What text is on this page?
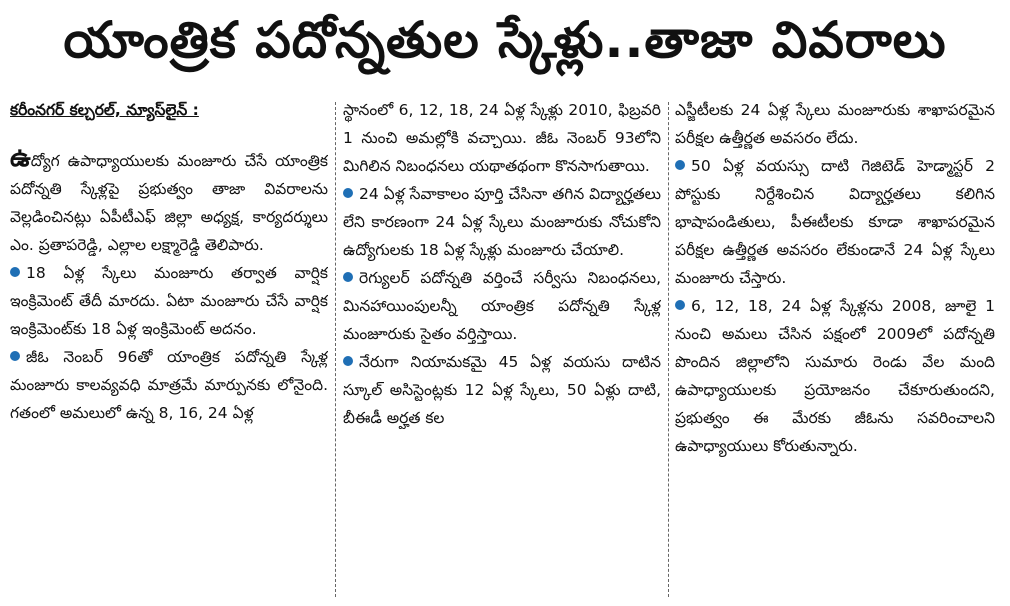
యాంత్రిక పదోన్నతుల స్కేళ్లు..తాజా వివరాలు
కరీంనగర్ కల్చరల్, న్యూస్‌లైన్ :

ఉద్యోగ ఉపాధ్యాయులకు మంజూరు చేసే యాంత్రిక పదోన్నతి స్కేళ్లపై ప్రభుత్వం తాజా వివరాలను వెల్లడించినట్లు ఏపీటీఎఫ్ జిల్లా అధ్యక్ష, కార్యదర్శులు ఎం. ప్రతాపరెడ్డి, ఎల్లాల లక్ష్మారెడ్డి తెలిపారు.

18 ఏళ్ల స్కేలు మంజూరు తర్వాత వార్షిక ఇంక్రిమెంట్ తేదీ మారదు. ఏటా మంజూరు చేసే వార్షిక ఇంక్రిమెంట్‌కు 18 ఏళ్ల ఇంక్రిమెంట్ అదనం.

జీఓ నెంబర్ 96తో యాంత్రిక పదోన్నతి స్కేళ్ల మంజూరు కాలవ్యవధి మాత్రమే మార్పునకు లోనైంది. గతంలో అమలులో ఉన్న 8, 16, 24 ఏళ్ల

స్థానంలో 6, 12, 18, 24 ఏళ్ల స్కేళ్లు 2010, ఫిబ్రవరి 1 నుంచి అమల్లోకి వచ్చాయి. జీఓ నెంబర్ 93లోని మిగిలిన నిబంధనలు యథాతథంగా కొనసాగుతాయి.

24 ఏళ్ల సేవాకాలం పూర్తి చేసినా తగిన విద్యార్హతలు లేని కారణంగా 24 ఏళ్ల స్కేలు మంజూరుకు నోచుకోని ఉద్యోగులకు 18 ఏళ్ల స్కేళ్లు మంజూరు చేయాలి.

రెగ్యులర్ పదోన్నతి వర్తించే సర్వీసు నిబంధనలు, మినహాయింపులన్నీ యాంత్రిక పదోన్నతి స్కేళ్ల మంజూరుకు సైతం వర్తిస్తాయి.

నేరుగా నియామకమై 45 ఏళ్ల వయసు దాటిన స్కూల్ అసిస్టెంట్లకు 12 ఏళ్ల స్కేలు, 50 ఏళ్లు దాటి, బీఈడీ అర్హత కల

ఎస్జీటీలకు 24 ఏళ్ల స్కేలు మంజూరుకు శాఖాపరమైన పరీక్షల ఉత్తీర్ణత అవసరం లేదు.

50 ఏళ్ల వయస్సు దాటి గెజిటెడ్ హెడ్మాస్టర్ 2 పోస్టుకు నిర్దేశించిన విద్యార్హతలు కలిగిన భాషాపండితులు, పీఈటీలకు కూడా శాఖాపరమైన పరీక్షల ఉత్తీర్ణత అవసరం లేకుండానే 24 ఏళ్ల స్కేలు మంజూరు చేస్తారు.

6, 12, 18, 24 ఏళ్ల స్కేళ్లను 2008, జూలై 1 నుంచి అమలు చేసిన పక్షంలో 2009లో పదోన్నతి పొందిన జిల్లాలోని సుమారు రెండు వేల మంది ఉపాధ్యాయులకు ప్రయోజనం చేకూరుతుందని, ప్రభుత్వం ఈ మేరకు జీఓను సవరించాలని ఉపాధ్యాయులు కోరుతున్నారు.
